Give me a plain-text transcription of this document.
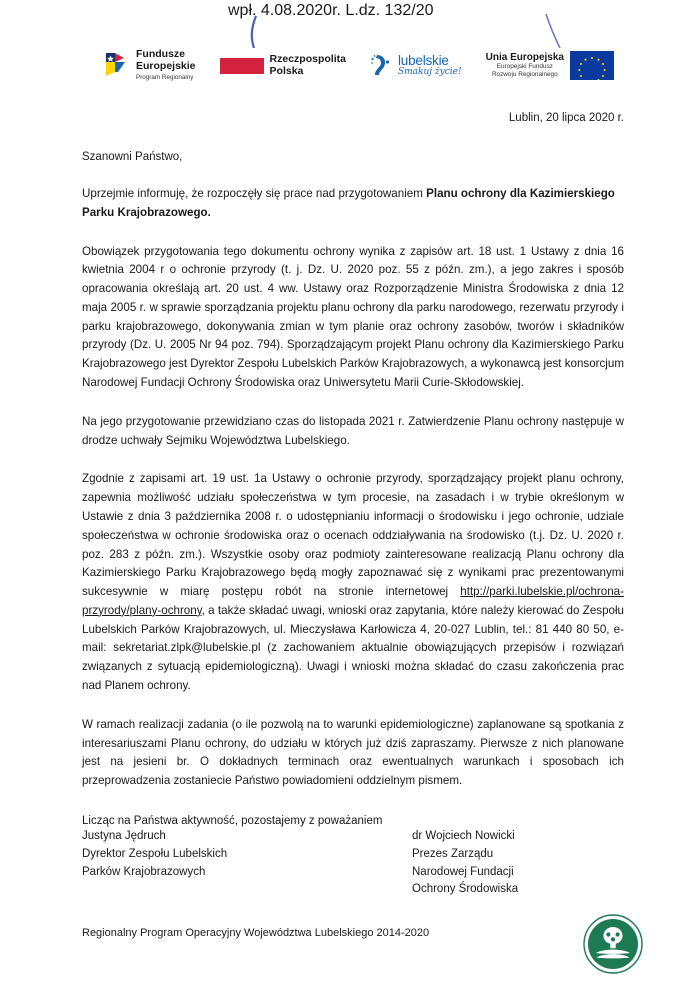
wpł. 4.08.2020r. L.dz. 132/20
Fundusze
Europejskie
Program Regionalny
Rzeczpospolita
Polska
lubelskie
Smakuj życie!
Unia Europejska
Europejski Fundusz
Rozwoju Regionalnego
Lublin, 20 lipca 2020 r.
Szanowni Państwo,

Uprzejmie informuję, że rozpoczęły się prace nad przygotowaniem Planu ochrony dla Kazimierskiego Parku Krajobrazowego.

Obowiązek przygotowania tego dokumentu ochrony wynika z zapisów art. 18 ust. 1 Ustawy z dnia 16 kwietnia 2004 r o ochronie przyrody (t. j. Dz. U. 2020 poz. 55 z późn. zm.), a jego zakres i sposób opracowania określają art. 20 ust. 4 ww. Ustawy oraz Rozporządzenie Ministra Środowiska z dnia 12 maja 2005 r. w sprawie sporządzania projektu planu ochrony dla parku narodowego, rezerwatu przyrody i parku krajobrazowego, dokonywania zmian w tym planie oraz ochrony zasobów, tworów i składników przyrody (Dz. U. 2005 Nr 94 poz. 794). Sporządzającym projekt Planu ochrony dla Kazimierskiego Parku Krajobrazowego jest Dyrektor Zespołu Lubelskich Parków Krajobrazowych, a wykonawcą jest konsorcjum Narodowej Fundacji Ochrony Środowiska oraz Uniwersytetu Marii Curie-Skłodowskiej.

Na jego przygotowanie przewidziano czas do listopada 2021 r. Zatwierdzenie Planu ochrony następuje w drodze uchwały Sejmiku Województwa Lubelskiego.

Zgodnie z zapisami art. 19 ust. 1a Ustawy o ochronie przyrody, sporządzający projekt planu ochrony, zapewnia możliwość udziału społeczeństwa w tym procesie, na zasadach i w trybie określonym w Ustawie z dnia 3 października 2008 r. o udostępnianiu informacji o środowisku i jego ochronie, udziale społeczeństwa w ochronie środowiska oraz o ocenach oddziaływania na środowisko (t.j. Dz. U. 2020 r. poz. 283 z późn. zm.). Wszystkie osoby oraz podmioty zainteresowane realizacją Planu ochrony dla Kazimierskiego Parku Krajobrazowego będą mogły zapoznawać się z wynikami prac prezentowanymi sukcesywnie w miarę postępu robót na stronie internetowej http://parki.lubelskie.pl/ochrona-przyrody/plany-ochrony, a także składać uwagi, wnioski oraz zapytania, które należy kierować do Zespołu Lubelskich Parków Krajobrazowych, ul. Mieczysława Karłowicza 4, 20-027 Lublin, tel.: 81 440 80 50, e-mail: sekretariat.zlpk@lubelskie.pl (z zachowaniem aktualnie obowiązujących przepisów i rozwiązań związanych z sytuacją epidemiologiczną). Uwagi i wnioski można składać do czasu zakończenia prac nad Planem ochrony.

W ramach realizacji zadania (o ile pozwolą na to warunki epidemiologiczne) zaplanowane są spotkania z interesariuszami Planu ochrony, do udziału w których już dziś zapraszamy. Pierwsze z nich planowane jest na jesieni br. O dokładnych terminach oraz ewentualnych warunkach i sposobach ich przeprowadzenia zostaniecie Państwo powiadomieni oddzielnym pismem.

Licząc na Państwa aktywność, pozostajemy z poważaniem
Justyna Jędruch
Dyrektor Zespołu Lubelskich
Parków Krajobrazowych
dr Wojciech Nowicki
Prezes Zarządu
Narodowej Fundacji
Ochrony Środowiska
Regionalny Program Operacyjny Województwa Lubelskiego 2014-2020
